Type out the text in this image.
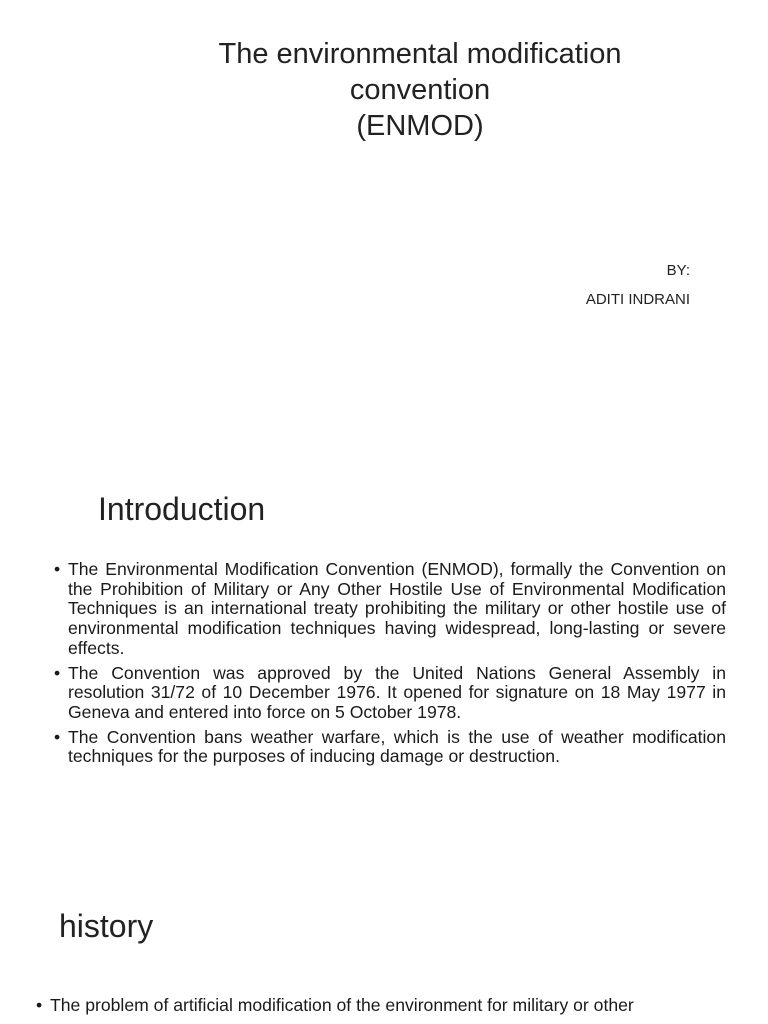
The environmental modification
convention
(ENMOD)
BY:
ADITI INDRANI
Introduction
• The Environmental Modification Convention (ENMOD), formally the Convention on the Prohibition of Military or Any Other Hostile Use of Environmental Modification Techniques is an international treaty prohibiting the military or other hostile use of environmental modification techniques having widespread, long-lasting or severe effects.
• The Convention was approved by the United Nations General Assembly in resolution 31/72 of 10 December 1976. It opened for signature on 18 May 1977 in Geneva and entered into force on 5 October 1978.
• The Convention bans weather warfare, which is the use of weather modification techniques for the purposes of inducing damage or destruction.
history
• The problem of artificial modification of the environment for military or other
